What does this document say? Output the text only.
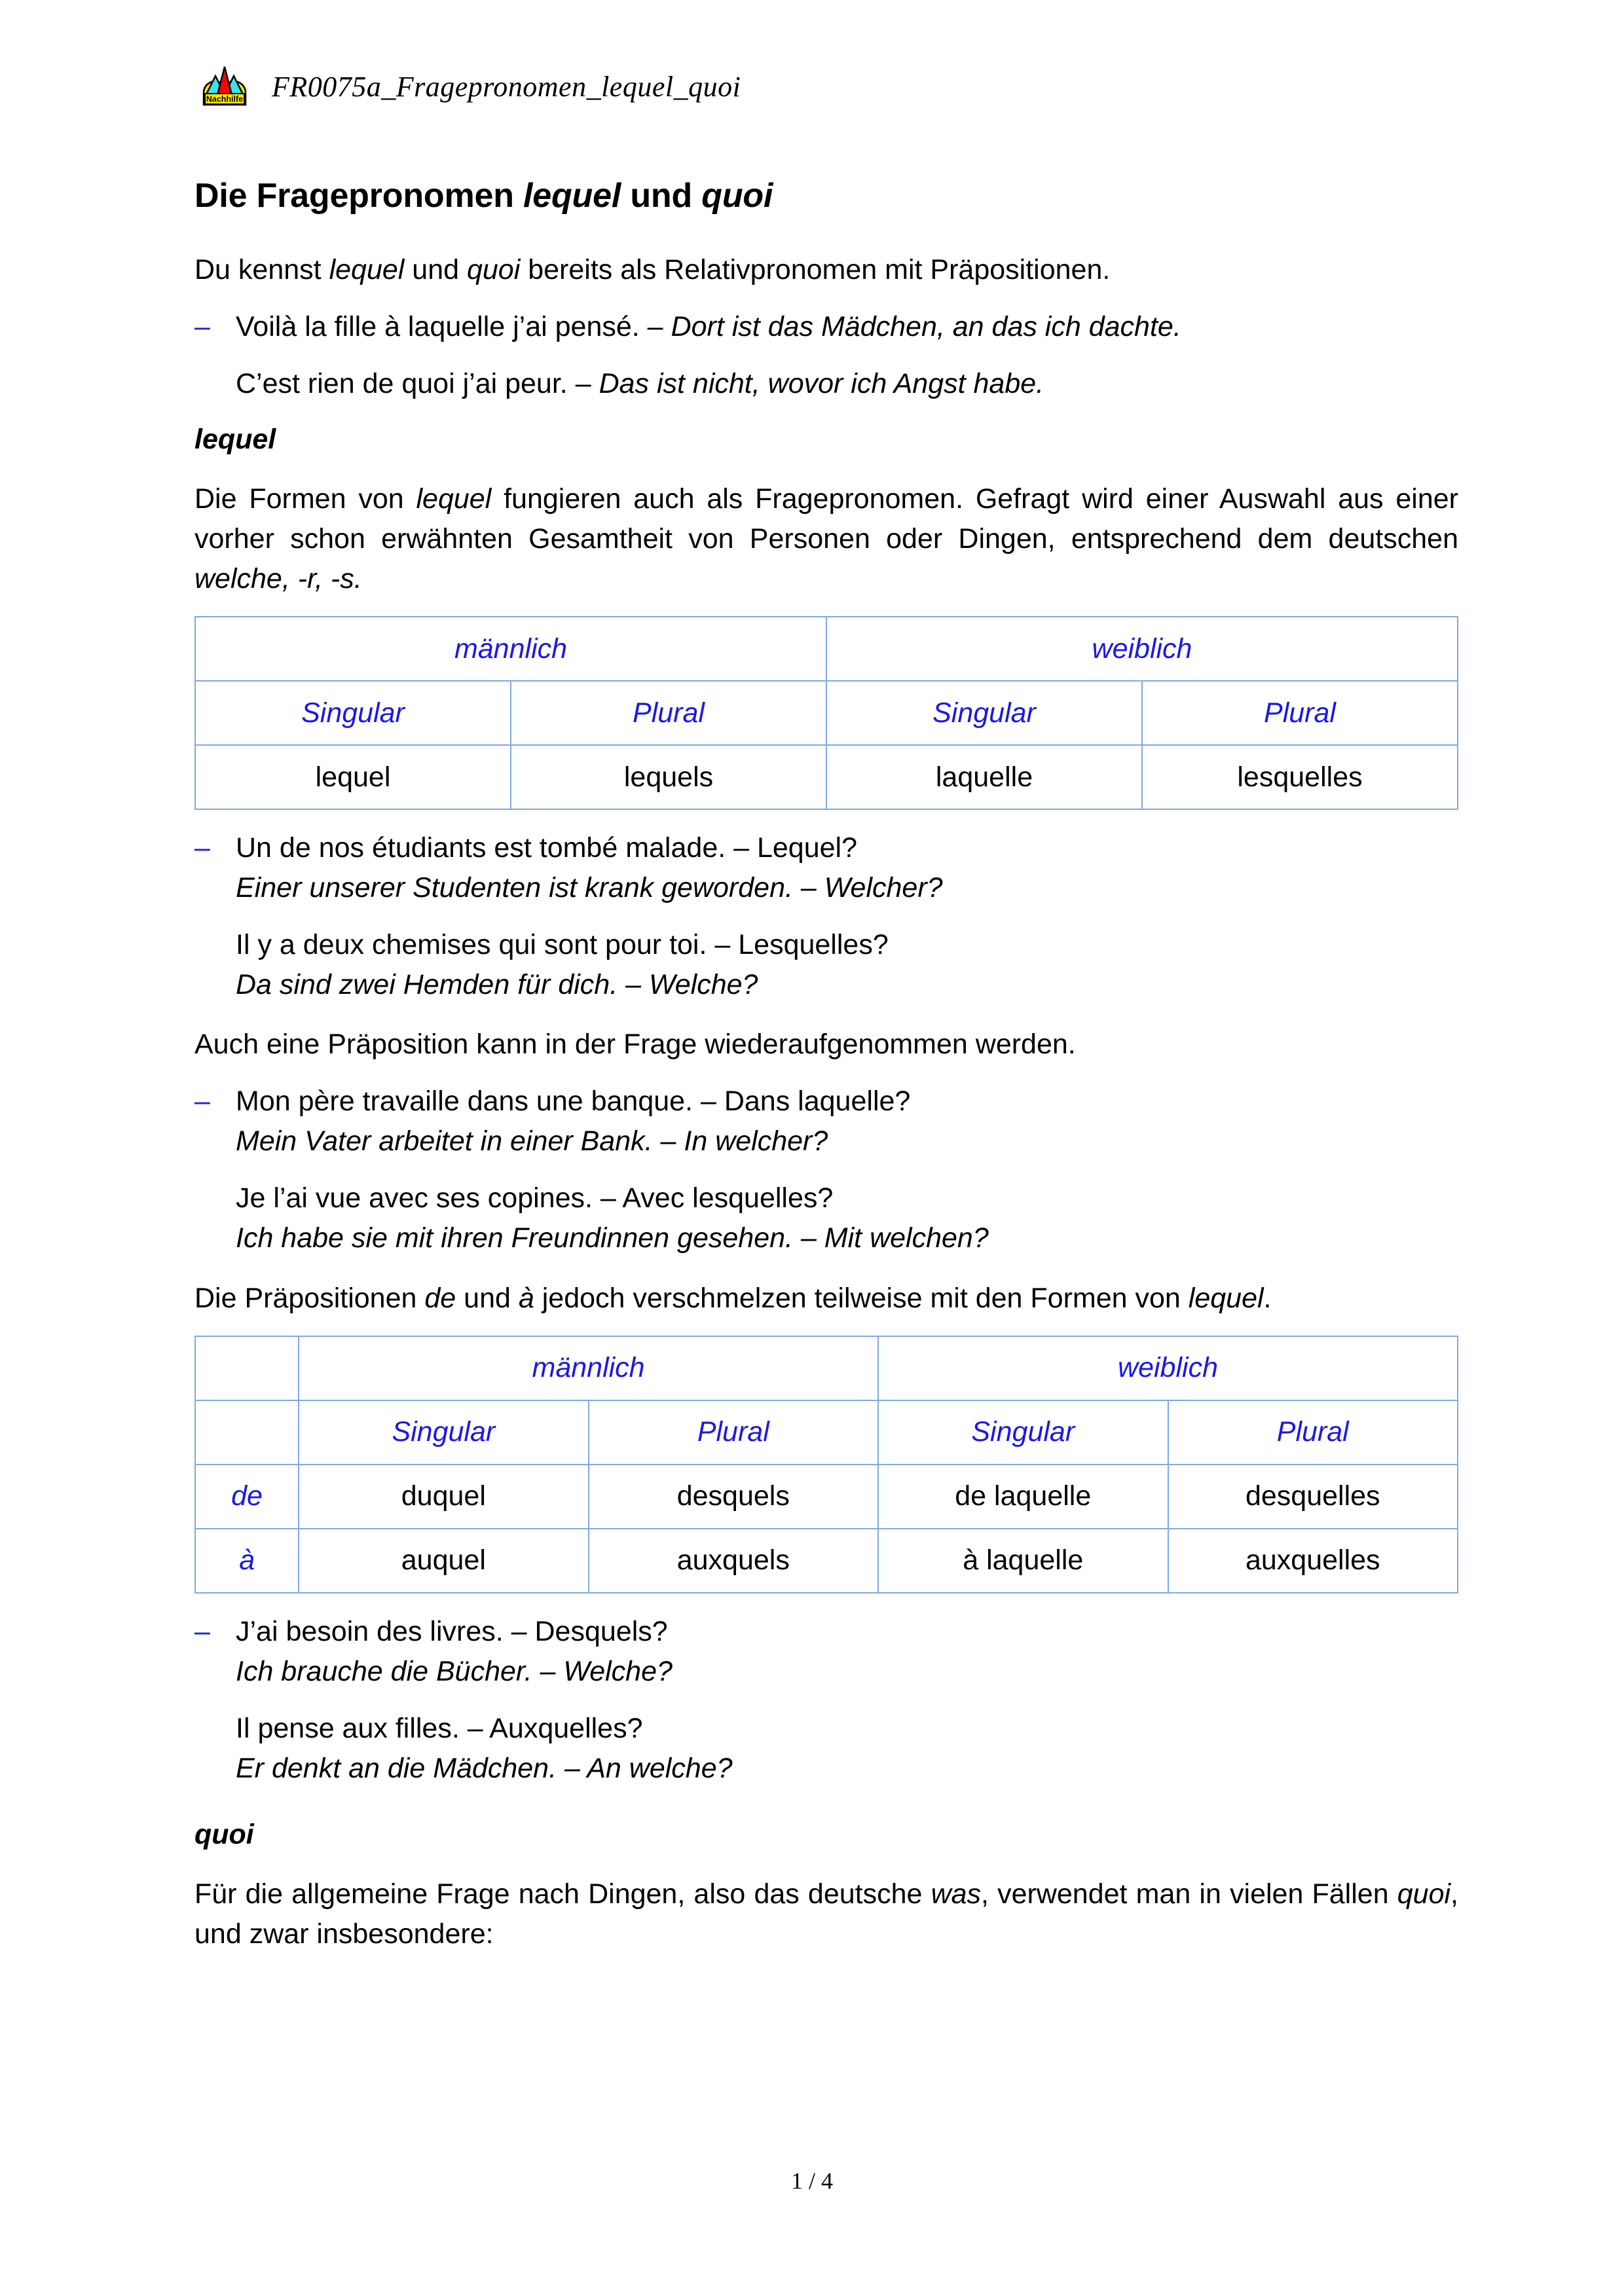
Nachhilfe FR0075a_Fragepronomen_lequel_quoi
Die Fragepronomen lequel und quoi

Du kennst lequel und quoi bereits als Relativpronomen mit Präpositionen.

– Voilà la fille à laquelle j’ai pensé. – Dort ist das Mädchen, an das ich dachte.
C’est rien de quoi j’ai peur. – Das ist nicht, wovor ich Angst habe.
lequel

Die Formen von lequel fungieren auch als Fragepronomen. Gefragt wird einer Auswahl aus einer vorher schon erwähnten Gesamtheit von Personen oder Dingen, entsprechend dem deutschen welche, -r, -s.

männlich		weiblich	
Singular	Plural	Singular	Plural
lequel	lequels	laquelle	lesquelles
– Un de nos étudiants est tombé malade. – Lequel?
Einer unserer Studenten ist krank geworden. – Welcher?
Il y a deux chemises qui sont pour toi. – Lesquelles?
Da sind zwei Hemden für dich. – Welche?

Auch eine Präposition kann in der Frage wiederaufgenommen werden.

– Mon père travaille dans une banque. – Dans laquelle?
Mein Vater arbeitet in einer Bank. – In welcher?
Je l’ai vue avec ses copines. – Avec lesquelles?
Ich habe sie mit ihren Freundinnen gesehen. – Mit welchen?

Die Präpositionen de und à jedoch verschmelzen teilweise mit den Formen von lequel.

	männlich		weiblich	
	Singular	Plural	Singular	Plural
de	duquel	desquels	de laquelle	desquelles
à	auquel	auxquels	à laquelle	auxquelles
– J’ai besoin des livres. – Desquels?
Ich brauche die Bücher. – Welche?
Il pense aux filles. – Auxquelles?
Er denkt an die Mädchen. – An welche?
quoi

Für die allgemeine Frage nach Dingen, also das deutsche was, verwendet man in vielen Fällen quoi, und zwar insbesondere:

1 / 4
